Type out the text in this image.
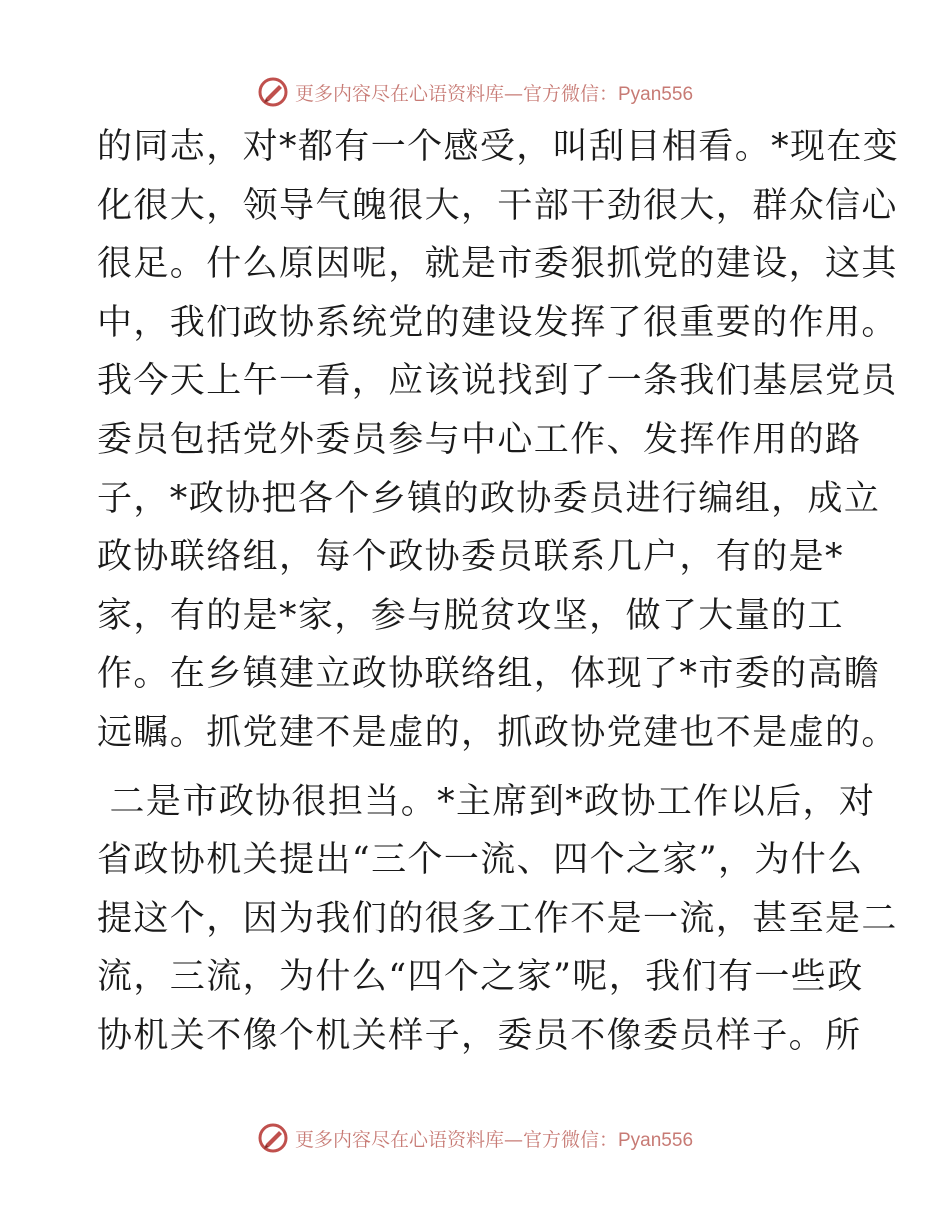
更多内容尽在心语资料库—官方微信：Pyan556
的同志，对*都有一个感受，叫刮目相看。*现在变
化很大，领导气魄很大，干部干劲很大，群众信心
很足。什么原因呢，就是市委狠抓党的建设，这其
中，我们政协系统党的建设发挥了很重要的作用。
我今天上午一看，应该说找到了一条我们基层党员
委员包括党外委员参与中心工作、发挥作用的路
子，*政协把各个乡镇的政协委员进行编组，成立
政协联络组，每个政协委员联系几户，有的是*
家，有的是*家，参与脱贫攻坚，做了大量的工
作。在乡镇建立政协联络组，体现了*市委的高瞻
远瞩。抓党建不是虚的，抓政协党建也不是虚的。
二是市政协很担当。*主席到*政协工作以后，对
省政协机关提出“三个一流、四个之家”，为什么
提这个，因为我们的很多工作不是一流，甚至是二
流，三流，为什么“四个之家”呢，我们有一些政
协机关不像个机关样子，委员不像委员样子。所
更多内容尽在心语资料库—官方微信：Pyan556
